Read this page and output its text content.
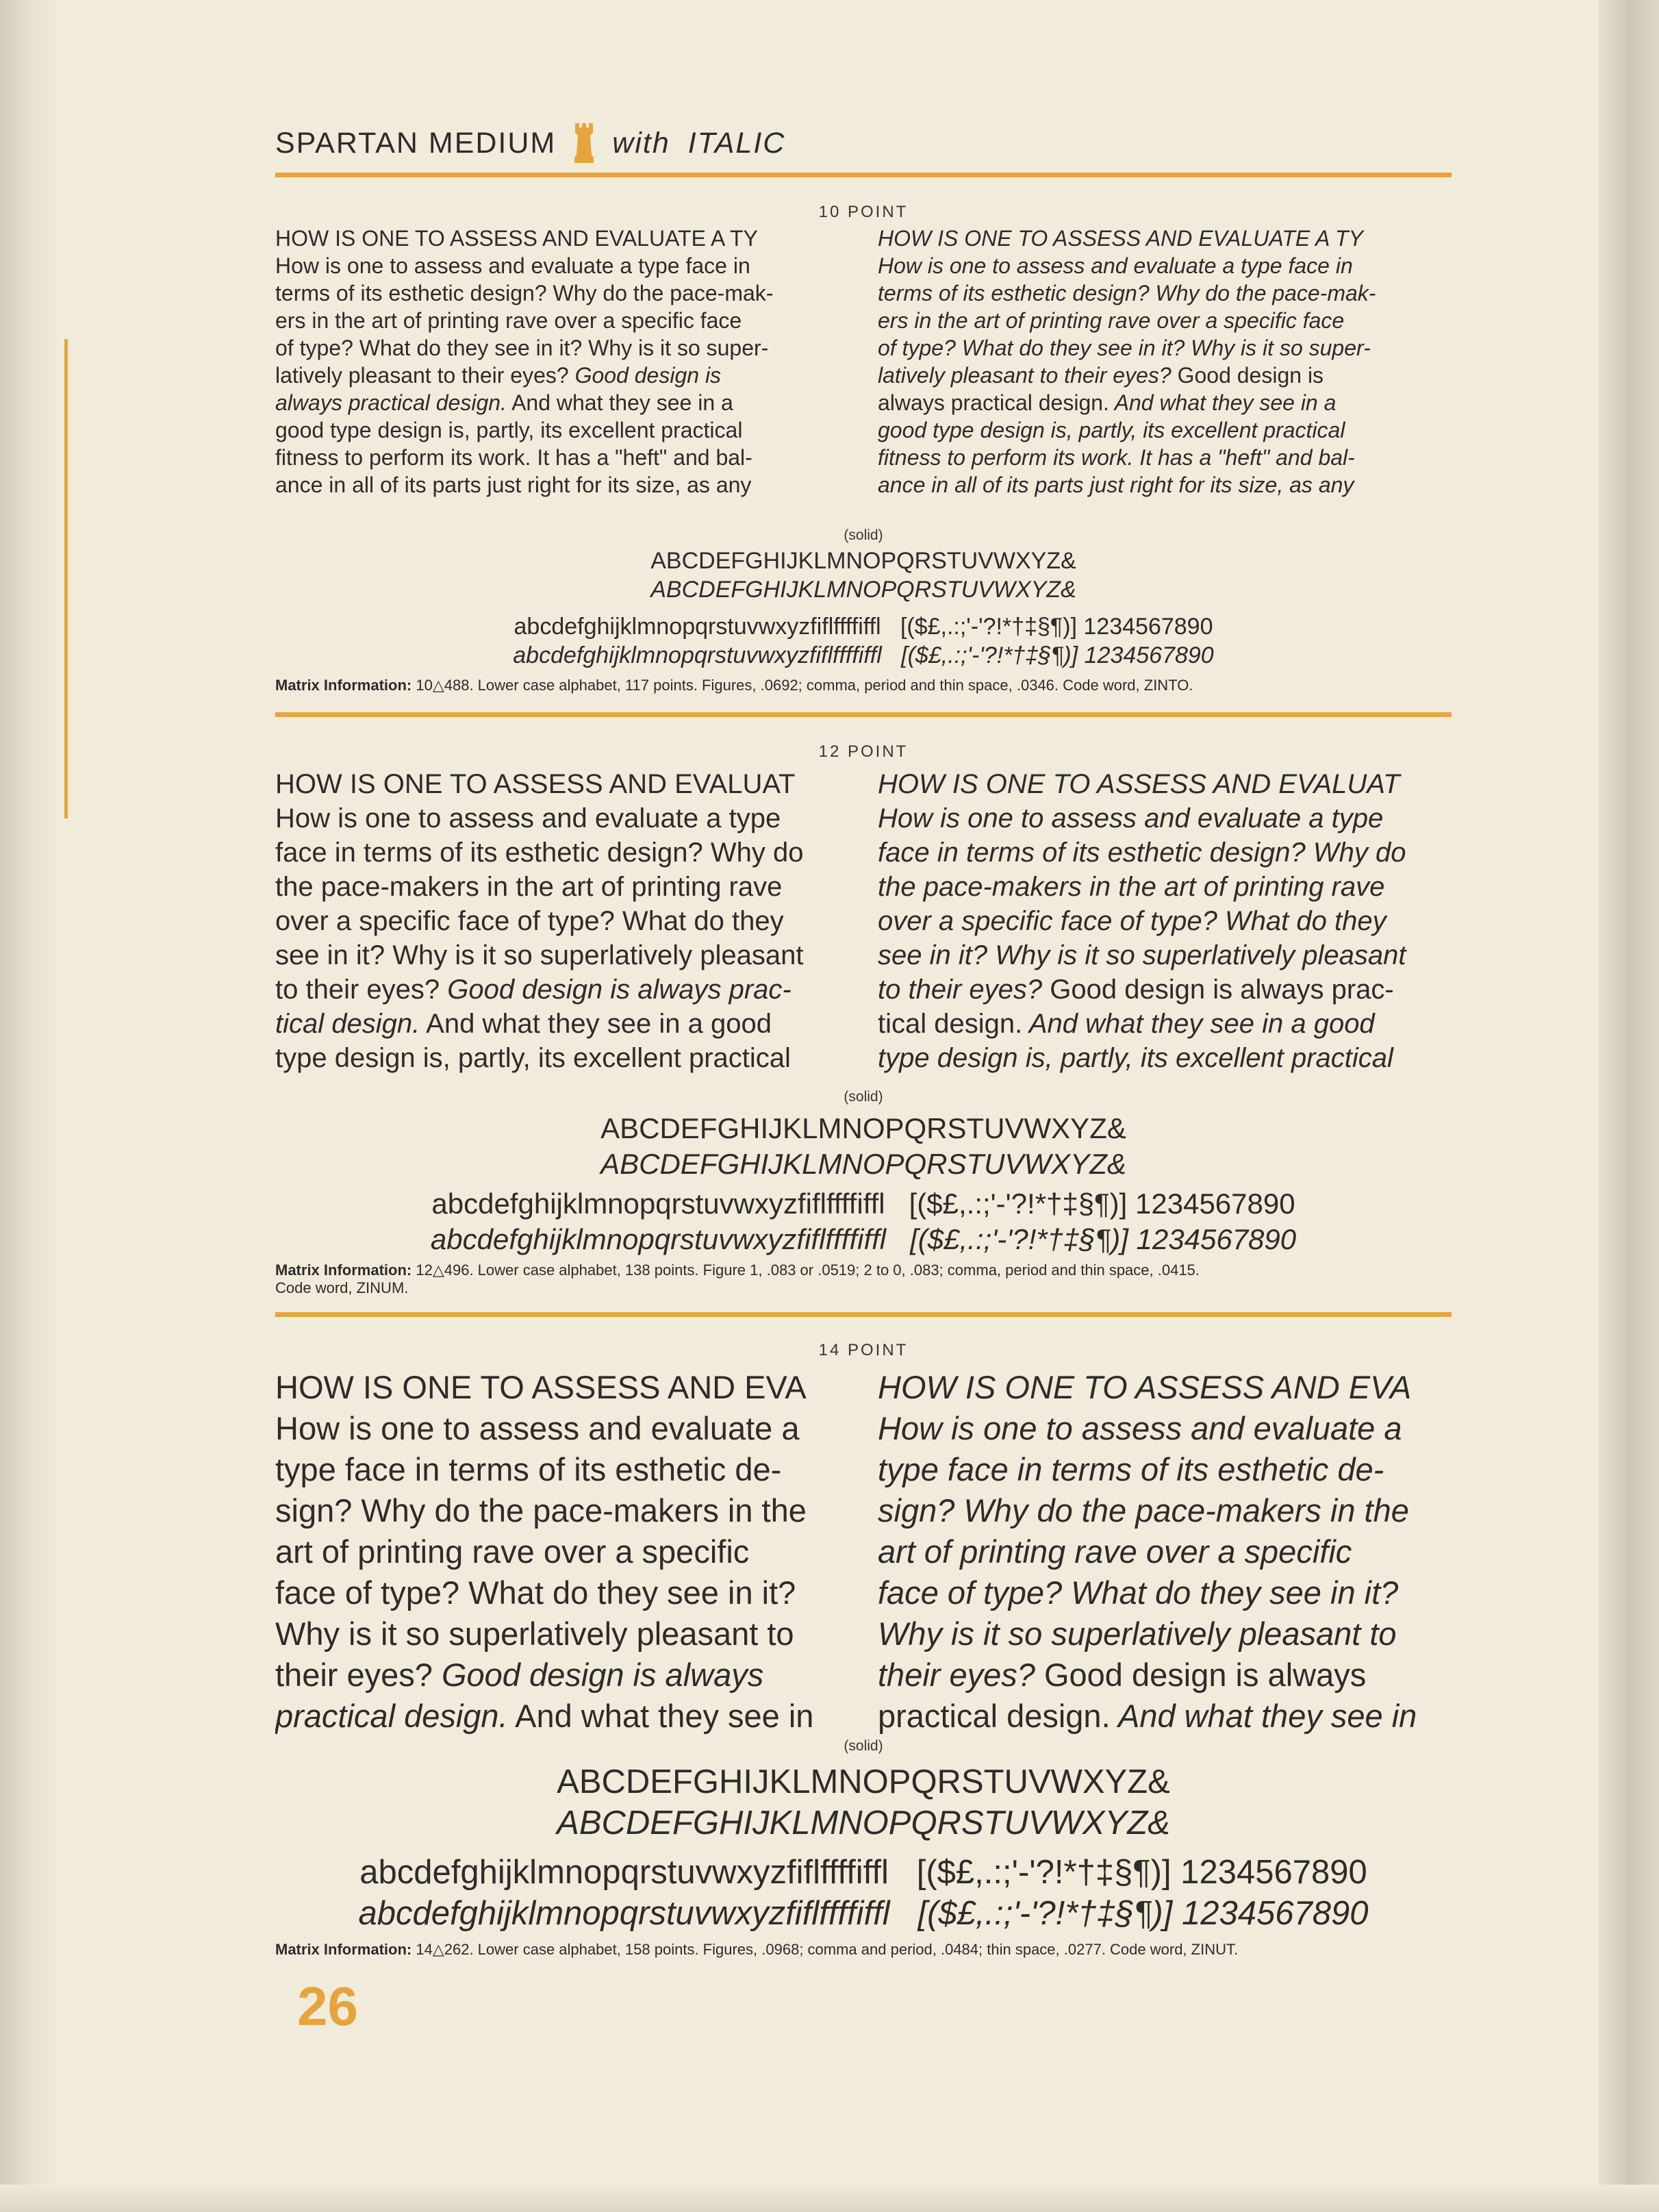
SPARTAN MEDIUM with ITALIC
10 POINT
HOW IS ONE TO ASSESS AND EVALUATE A TY
How is one to assess and evaluate a type face in
terms of its esthetic design? Why do the pace-mak-
ers in the art of printing rave over a specific face
of type? What do they see in it? Why is it so super-
latively pleasant to their eyes? Good design is
always practical design. And what they see in a
good type design is, partly, its excellent practical
fitness to perform its work. It has a "heft" and bal-
ance in all of its parts just right for its size, as any
HOW IS ONE TO ASSESS AND EVALUATE A TY
How is one to assess and evaluate a type face in
terms of its esthetic design? Why do the pace-mak-
ers in the art of printing rave over a specific face
of type? What do they see in it? Why is it so super-
latively pleasant to their eyes? Good design is
always practical design. And what they see in a
good type design is, partly, its excellent practical
fitness to perform its work. It has a "heft" and bal-
ance in all of its parts just right for its size, as any
(solid)
ABCDEFGHIJKLMNOPQRSTUVWXYZ&
ABCDEFGHIJKLMNOPQRSTUVWXYZ&
abcdefghijklmnopqrstuvwxyzfiflffffiffl [($£,.:;'-'?!*†‡§¶)] 1234567890
abcdefghijklmnopqrstuvwxyzfiflffffiffl [($£,.:;'-'?!*†‡§¶)] 1234567890
Matrix Information: 10△488. Lower case alphabet, 117 points. Figures, .0692; comma, period and thin space, .0346. Code word, ZINTO.
12 POINT
HOW IS ONE TO ASSESS AND EVALUAT
How is one to assess and evaluate a type
face in terms of its esthetic design? Why do
the pace-makers in the art of printing rave
over a specific face of type? What do they
see in it? Why is it so superlatively pleasant
to their eyes? Good design is always prac-
tical design. And what they see in a good
type design is, partly, its excellent practical
HOW IS ONE TO ASSESS AND EVALUAT
How is one to assess and evaluate a type
face in terms of its esthetic design? Why do
the pace-makers in the art of printing rave
over a specific face of type? What do they
see in it? Why is it so superlatively pleasant
to their eyes? Good design is always prac-
tical design. And what they see in a good
type design is, partly, its excellent practical
(solid)
ABCDEFGHIJKLMNOPQRSTUVWXYZ&
ABCDEFGHIJKLMNOPQRSTUVWXYZ&
abcdefghijklmnopqrstuvwxyzfiflffffiffl [($£,.:;'-'?!*†‡§¶)] 1234567890
abcdefghijklmnopqrstuvwxyzfiflffffiffl [($£,.:;'-'?!*†‡§¶)] 1234567890
Matrix Information: 12△496. Lower case alphabet, 138 points. Figure 1, .083 or .0519; 2 to 0, .083; comma, period and thin space, .0415.
Code word, ZINUM.
14 POINT
HOW IS ONE TO ASSESS AND EVA
How is one to assess and evaluate a
type face in terms of its esthetic de-
sign? Why do the pace-makers in the
art of printing rave over a specific
face of type? What do they see in it?
Why is it so superlatively pleasant to
their eyes? Good design is always
practical design. And what they see in
HOW IS ONE TO ASSESS AND EVA
How is one to assess and evaluate a
type face in terms of its esthetic de-
sign? Why do the pace-makers in the
art of printing rave over a specific
face of type? What do they see in it?
Why is it so superlatively pleasant to
their eyes? Good design is always
practical design. And what they see in
(solid)
ABCDEFGHIJKLMNOPQRSTUVWXYZ&
ABCDEFGHIJKLMNOPQRSTUVWXYZ&
abcdefghijklmnopqrstuvwxyzfiflffffiffl [($£,.:;'-'?!*†‡§¶)] 1234567890
abcdefghijklmnopqrstuvwxyzfiflffffiffl [($£,.:;'-'?!*†‡§¶)] 1234567890
Matrix Information: 14△262. Lower case alphabet, 158 points. Figures, .0968; comma and period, .0484; thin space, .0277. Code word, ZINUT.
26
